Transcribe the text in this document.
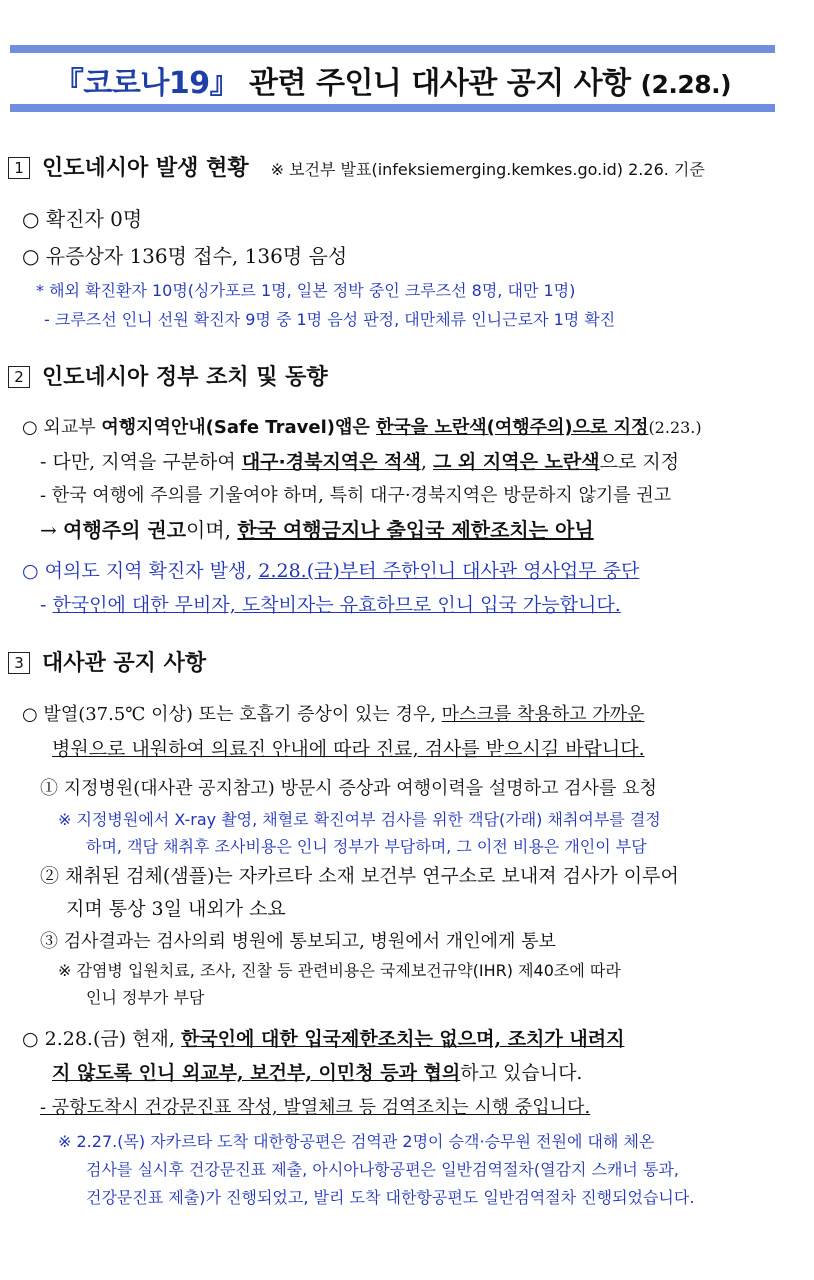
『코로나19』 관련 주인니 대사관 공지 사항 (2.28.)
1 인도네시아 발생 현황 ※ 보건부 발표(infeksiemerging.kemkes.go.id) 2.26. 기준
○ 확진자 0명
○ 유증상자 136명 접수, 136명 음성
* 해외 확진환자 10명(싱가포르 1명, 일본 정박 중인 크루즈선 8명, 대만 1명)
- 크루즈선 인니 선원 확진자 9명 중 1명 음성 판정, 대만체류 인니근로자 1명 확진
2 인도네시아 정부 조치 및 동향
○ 외교부 여행지역안내(Safe Travel)앱은 한국을 노란색(여행주의)으로 지정(2.23.)
- 다만, 지역을 구분하여 대구·경북지역은 적색, 그 외 지역은 노란색으로 지정
- 한국 여행에 주의를 기울여야 하며, 특히 대구·경북지역은 방문하지 않기를 권고
→ 여행주의 권고이며, 한국 여행금지나 출입국 제한조치는 아님
○ 여의도 지역 확진자 발생, 2.28.(금)부터 주한인니 대사관 영사업무 중단
- 한국인에 대한 무비자, 도착비자는 유효하므로 인니 입국 가능합니다.
3 대사관 공지 사항
○ 발열(37.5℃ 이상) 또는 호흡기 증상이 있는 경우, 마스크를 착용하고 가까운
병원으로 내원하여 의료진 안내에 따라 진료, 검사를 받으시길 바랍니다.
① 지정병원(대사관 공지참고) 방문시 증상과 여행이력을 설명하고 검사를 요청
※ 지정병원에서 X-ray 촬영, 채혈로 확진여부 검사를 위한 객담(가래) 채취여부를 결정
하며, 객담 채취후 조사비용은 인니 정부가 부담하며, 그 이전 비용은 개인이 부담
② 채취된 검체(샘플)는 자카르타 소재 보건부 연구소로 보내져 검사가 이루어
지며 통상 3일 내외가 소요
③ 검사결과는 검사의뢰 병원에 통보되고, 병원에서 개인에게 통보
※ 감염병 입원치료, 조사, 진찰 등 관련비용은 국제보건규약(IHR) 제40조에 따라
인니 정부가 부담
○ 2.28.(금) 현재, 한국인에 대한 입국제한조치는 없으며, 조치가 내려지
지 않도록 인니 외교부, 보건부, 이민청 등과 협의하고 있습니다.
- 공항도착시 건강문진표 작성, 발열체크 등 검역조치는 시행 중입니다.
※ 2.27.(목) 자카르타 도착 대한항공편은 검역관 2명이 승객·승무원 전원에 대해 체온
검사를 실시후 건강문진표 제출, 아시아나항공편은 일반검역절차(열감지 스캐너 통과,
건강문진표 제출)가 진행되었고, 발리 도착 대한항공편도 일반검역절차 진행되었습니다.
